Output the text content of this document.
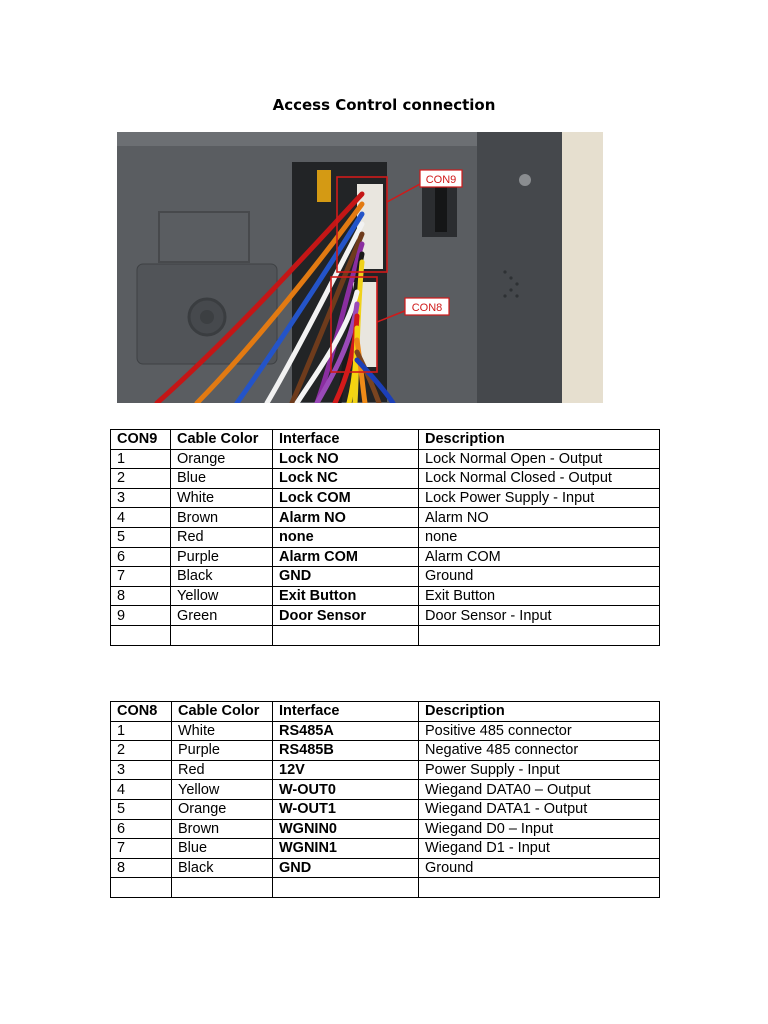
Access Control connection
CON9
CON8
CON9	Cable Color	Interface	Description
1	Orange	Lock NO	Lock Normal Open - Output
2	Blue	Lock NC	Lock Normal Closed - Output
3	White	Lock COM	Lock Power Supply - Input
4	Brown	Alarm NO	Alarm NO
5	Red	none	none
6	Purple	Alarm COM	Alarm COM
7	Black	GND	Ground
8	Yellow	Exit Button	Exit Button
9	Green	Door Sensor	Door Sensor - Input

CON8	Cable Color	Interface	Description
1	White	RS485A	Positive 485 connector
2	Purple	RS485B	Negative 485 connector
3	Red	12V	Power Supply - Input
4	Yellow	W-OUT0	Wiegand DATA0 – Output
5	Orange	W-OUT1	Wiegand DATA1 - Output
6	Brown	WGNIN0	Wiegand D0 – Input
7	Blue	WGNIN1	Wiegand D1 - Input
8	Black	GND	Ground
